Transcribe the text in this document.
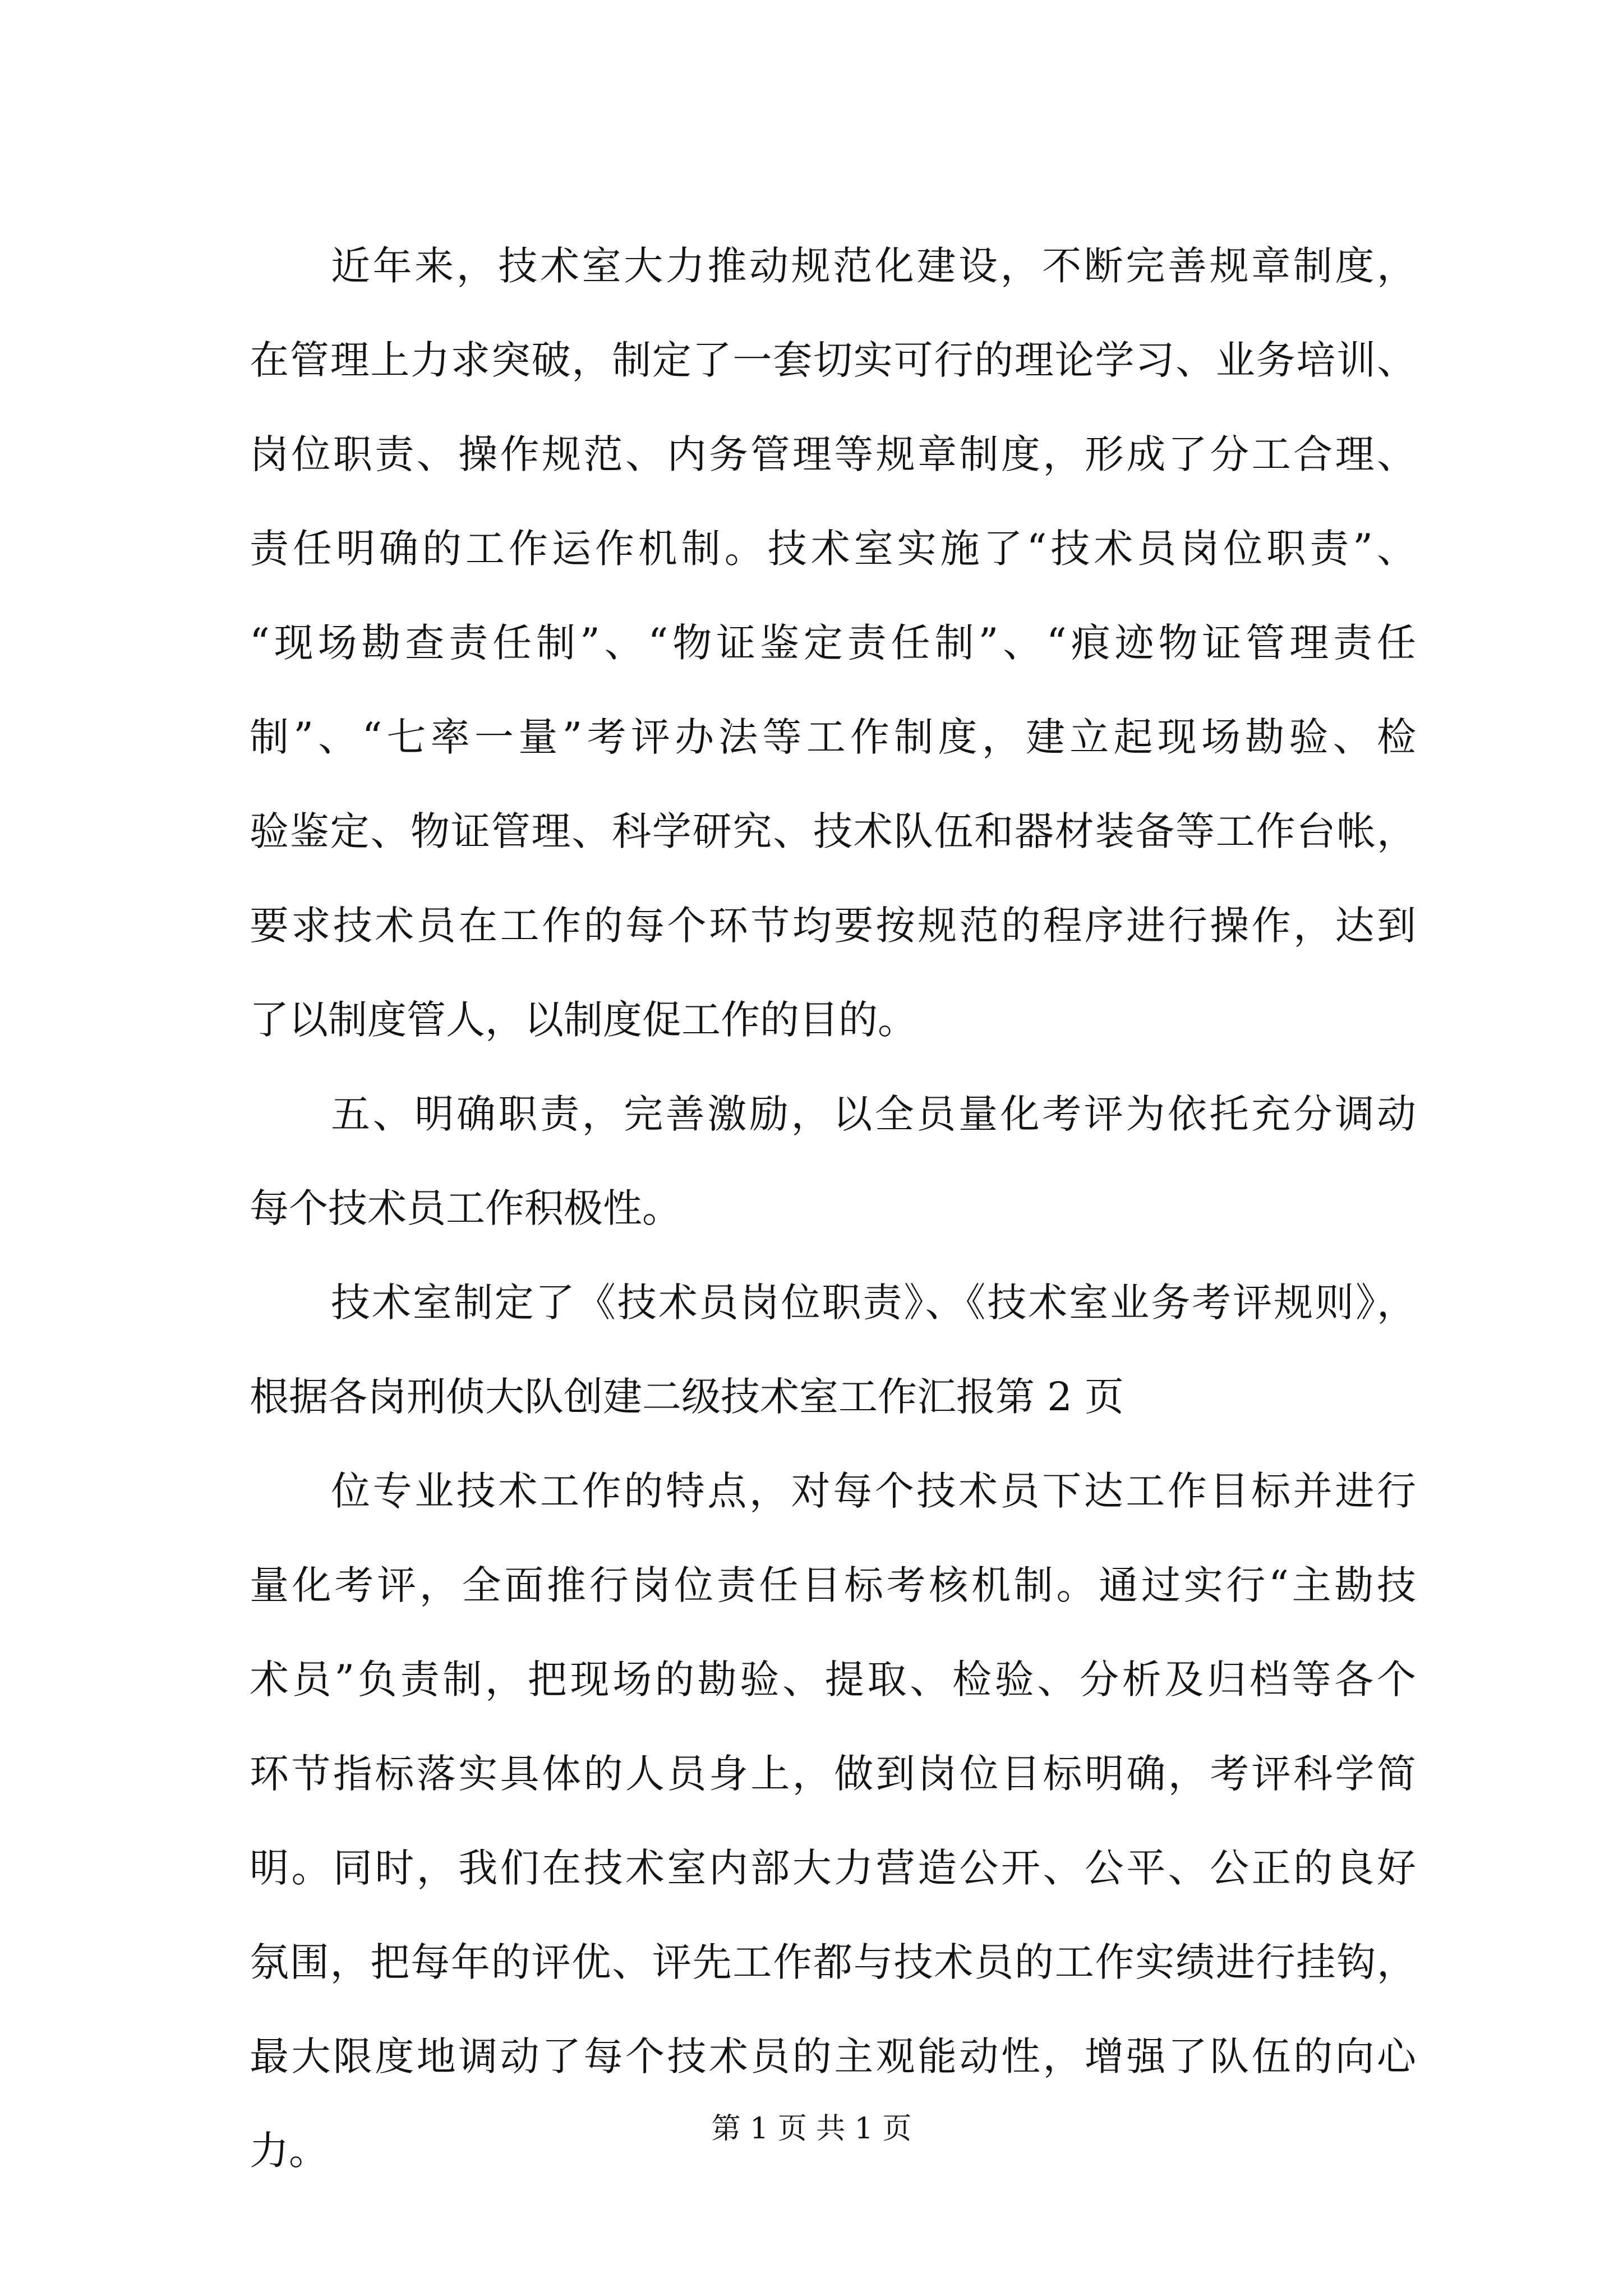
近年来，技术室大力推动规范化建设，不断完善规章制度，
在管理上力求突破，制定了一套切实可行的理论学习、业务培训、
岗位职责、操作规范、内务管理等规章制度，形成了分工合理、
责任明确的工作运作机制。技术室实施了“技术员岗位职责”、
“现场勘查责任制”、“物证鉴定责任制”、“痕迹物证管理责任
制”、“七率一量”考评办法等工作制度，建立起现场勘验、检
验鉴定、物证管理、科学研究、技术队伍和器材装备等工作台帐，
要求技术员在工作的每个环节均要按规范的程序进行操作，达到
了以制度管人，以制度促工作的目的。
五、明确职责，完善激励，以全员量化考评为依托充分调动
每个技术员工作积极性。
技术室制定了《技术员岗位职责》、《技术室业务考评规则》，
根据各岗刑侦大队创建二级技术室工作汇报第 2 页
位专业技术工作的特点，对每个技术员下达工作目标并进行
量化考评，全面推行岗位责任目标考核机制。通过实行“主勘技
术员”负责制，把现场的勘验、提取、检验、分析及归档等各个
环节指标落实具体的人员身上，做到岗位目标明确，考评科学简
明。同时，我们在技术室内部大力营造公开、公平、公正的良好
氛围，把每年的评优、评先工作都与技术员的工作实绩进行挂钩，
最大限度地调动了每个技术员的主观能动性，增强了队伍的向心
力。	第 1 页 共 1 页
